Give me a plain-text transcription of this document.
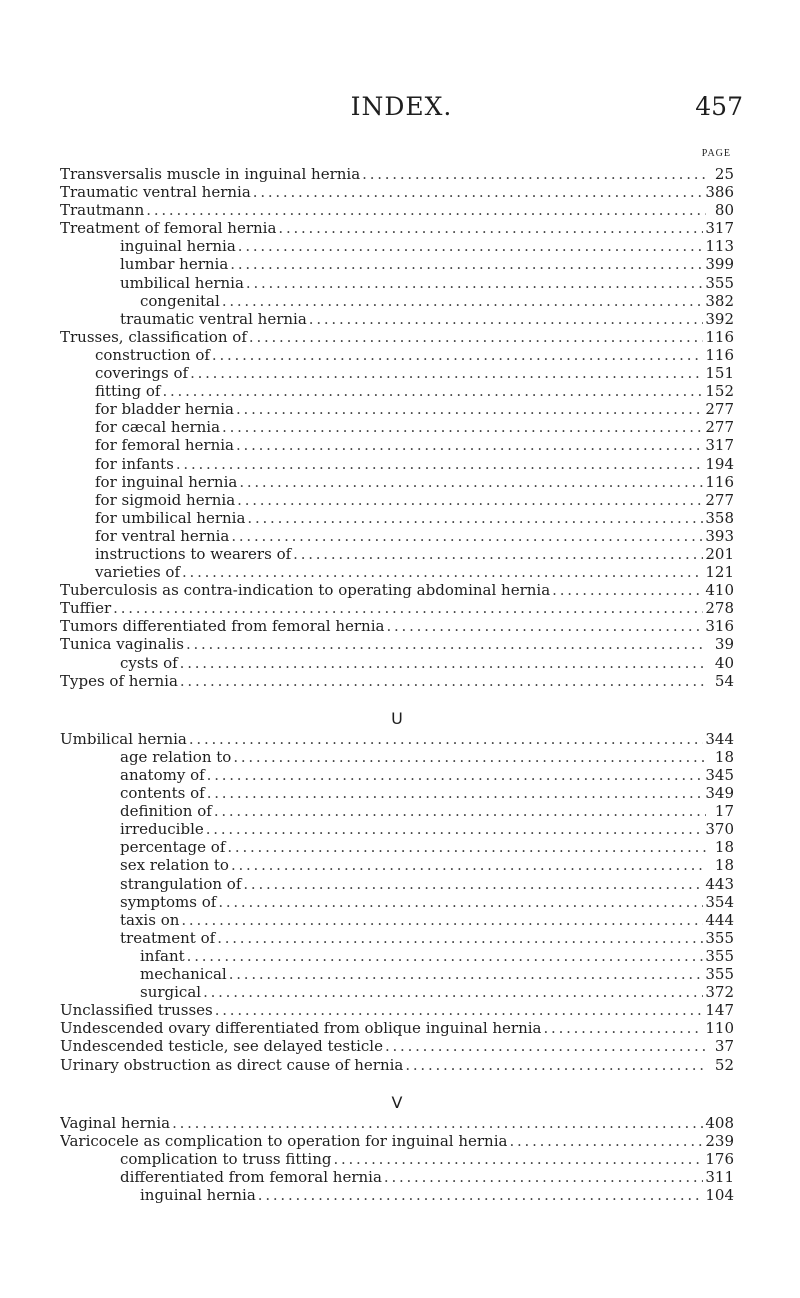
INDEX.	457
PAGE
Transversalis muscle in inguinal hernia . . .	25
Traumatic ventral hernia . . .	386
Trautmann . . .	80
Treatment of femoral hernia . . .	317
inguinal hernia . . .	113
lumbar hernia . . .	399
umbilical hernia . . .	355
congenital . . .	382
traumatic ventral hernia . . .	392
Trusses, classification of . . .	116
construction of . . .	116
coverings of . . .	151
fitting of . . .	152
for bladder hernia . . .	277
for cæcal hernia . . .	277
for femoral hernia . . .	317
for infants . . .	194
for inguinal hernia . . .	116
for sigmoid hernia . . .	277
for umbilical hernia . . .	358
for ventral hernia . . .	393
instructions to wearers of . . .	201
varieties of . . .	121
Tuberculosis as contra-indication to operating abdominal hernia . . .	410
Tuffier . . .	278
Tumors differentiated from femoral hernia . . .	316
Tunica vaginalis . . .	39
cysts of . . .	40
Types of hernia . . .	54
U
Umbilical hernia . . .	344
age relation to . . .	18
anatomy of . . .	345
contents of . . .	349
definition of . . .	17
irreducible . . .	370
percentage of . . .	18
sex relation to . . .	18
strangulation of . . .	443
symptoms of . . .	354
taxis on . . .	444
treatment of . . .	355
infant . . .	355
mechanical . . .	355
surgical . . .	372
Unclassified trusses . . .	147
Undescended ovary differentiated from oblique inguinal hernia . . .	110
Undescended testicle, see delayed testicle . . .	37
Urinary obstruction as direct cause of hernia . . .	52
V
Vaginal hernia . . .	408
Varicocele as complication to operation for inguinal hernia . . .	239
complication to truss fitting . . .	176
differentiated from femoral hernia . . .	311
inguinal hernia . . .	104
